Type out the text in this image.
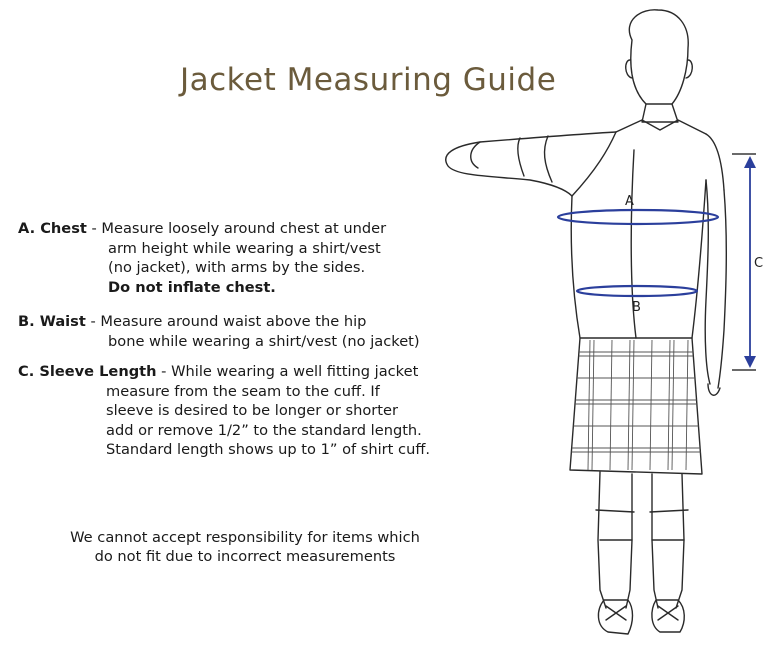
Jacket Measuring Guide
A. Chest - Measure loosely around chest at under
arm height while wearing a shirt/vest
(no jacket), with arms by the sides.
Do not inflate chest.
B. Waist - Measure around waist above the hip
bone while wearing a shirt/vest (no jacket)
C. Sleeve Length - While wearing a well fitting jacket
measure from the seam to the cuff. If
sleeve is desired to be longer or shorter
add or remove 1/2” to the standard length.
Standard length shows up to 1” of shirt cuff.
We cannot accept responsibility for items which
do not fit due to incorrect measurements
A
B
C
